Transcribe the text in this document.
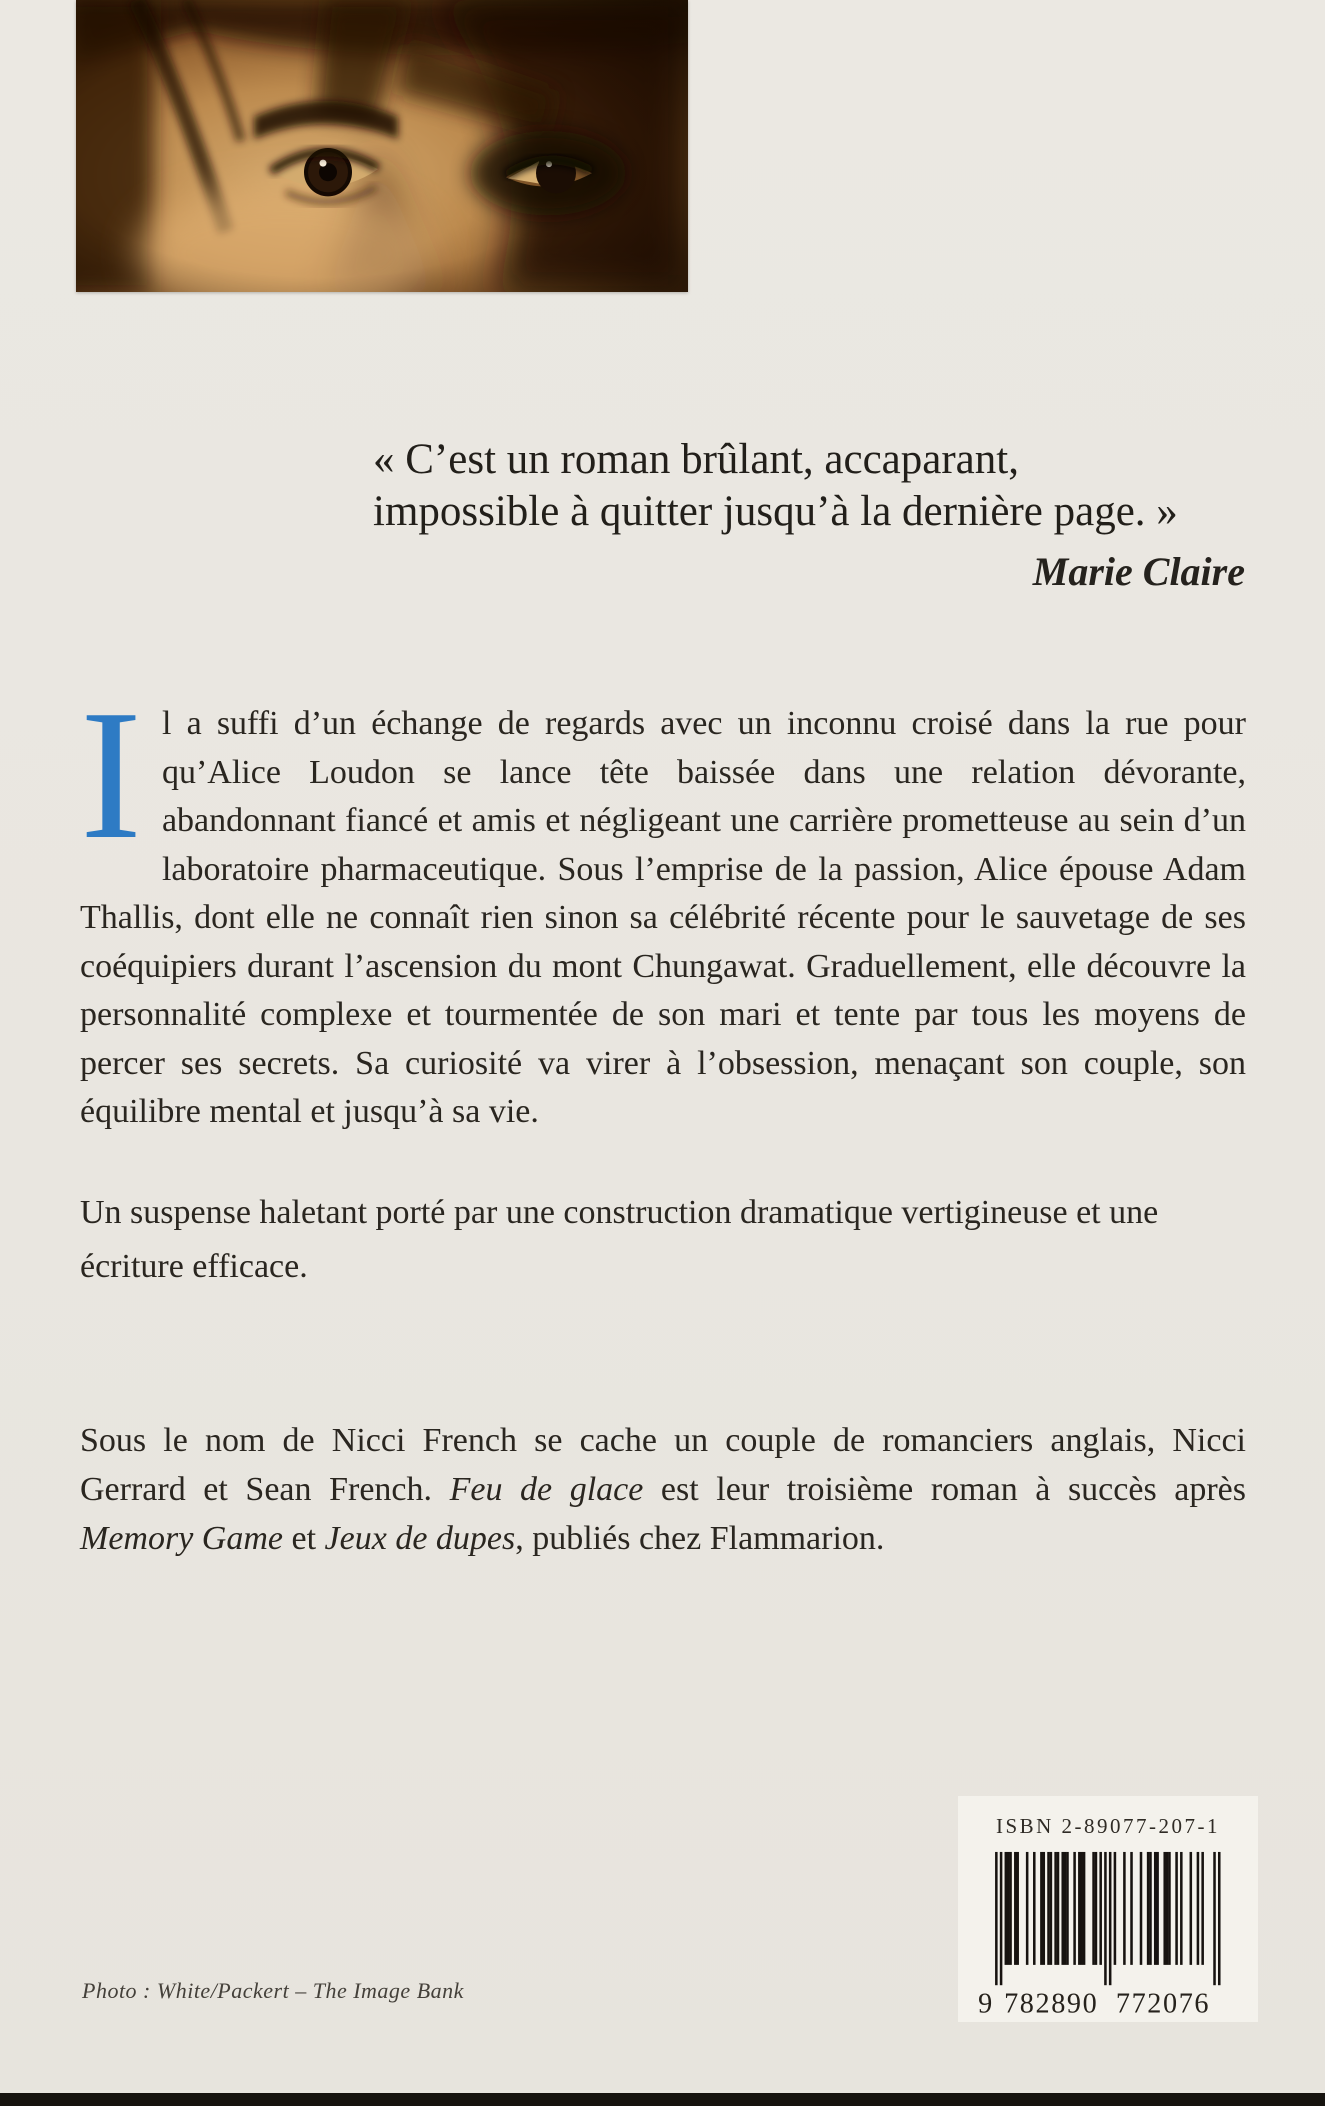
« C’est un roman brûlant, accaparant,
impossible à quitter jusqu’à la dernière page. »
Marie Claire
Il a suffi d’un échange de regards avec un inconnu croisé dans la rue pour qu’Alice Loudon se lance tête baissée dans une relation dévorante, abandonnant fiancé et amis et négligeant une carrière prometteuse au sein d’un laboratoire pharmaceutique. Sous l’emprise de la passion, Alice épouse Adam Thallis, dont elle ne connaît rien sinon sa célébrité récente pour le sauvetage de ses coéquipiers durant l’ascension du mont Chungawat. Graduellement, elle découvre la personnalité complexe et tourmentée de son mari et tente par tous les moyens de percer ses secrets. Sa curiosité va virer à l’obsession, menaçant son couple, son équilibre mental et jusqu’à sa vie.
Un suspense haletant porté par une construction dramatique vertigineuse et une écriture efficace.
Sous le nom de Nicci French se cache un couple de romanciers anglais, Nicci Gerrard et Sean French. Feu de glace est leur troisième roman à succès après Memory Game et Jeux de dupes, publiés chez Flammarion.
Photo : White/Packert – The Image Bank
ISBN 2-89077-207-1
9 782890 772076
